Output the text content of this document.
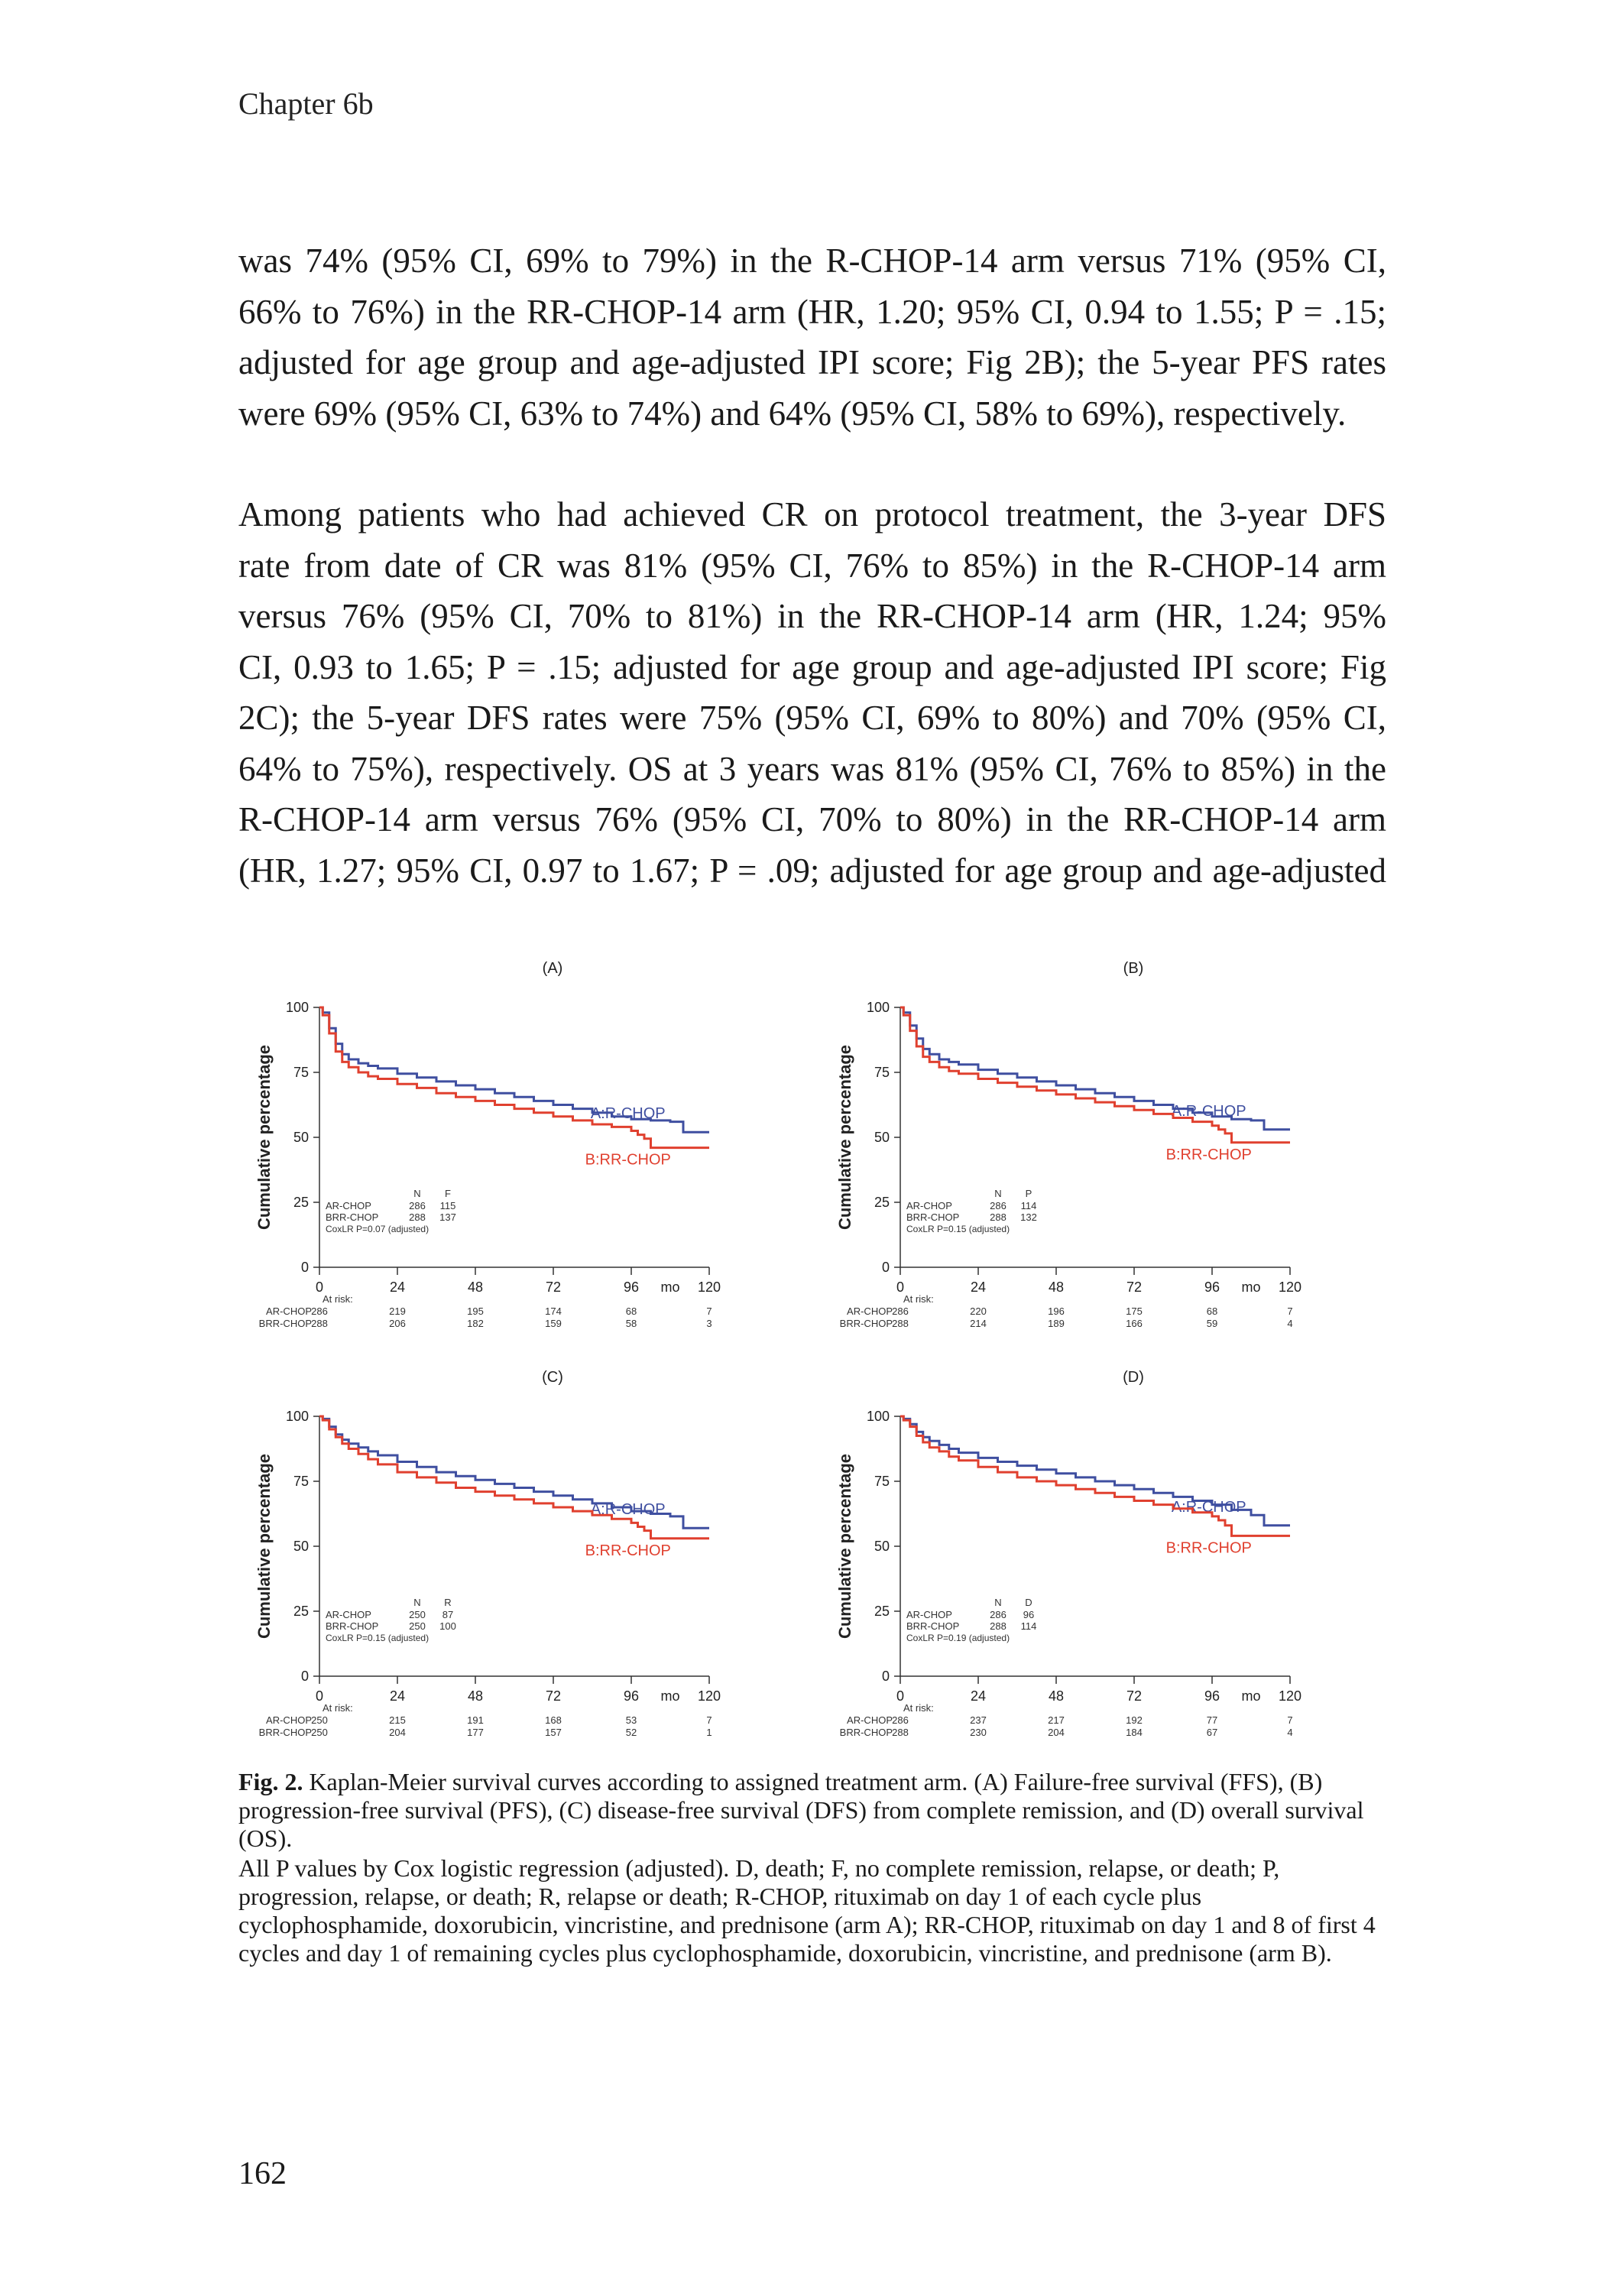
Chapter 6b
was 74% (95% CI, 69% to 79%) in the R-CHOP-14 arm versus 71% (95% CI,
66% to 76%) in the RR-CHOP-14 arm (HR, 1.20; 95% CI, 0.94 to 1.55; P = .15;
adjusted for age group and age-adjusted IPI score; Fig 2B); the 5-year PFS rates
were 69% (95% CI, 63% to 74%) and 64% (95% CI, 58% to 69%), respectively.
Among patients who had achieved CR on protocol treatment, the 3-year DFS
rate from date of CR was 81% (95% CI, 76% to 85%) in the R-CHOP-14 arm
versus 76% (95% CI, 70% to 81%) in the RR-CHOP-14 arm (HR, 1.24; 95%
CI, 0.93 to 1.65; P = .15; adjusted for age group and age-adjusted IPI score; Fig
2C); the 5-year DFS rates were 75% (95% CI, 69% to 80%) and 70% (95% CI,
64% to 75%), respectively. OS at 3 years was 81% (95% CI, 76% to 85%) in the
R-CHOP-14 arm versus 76% (95% CI, 70% to 80%) in the RR-CHOP-14 arm
(HR, 1.27; 95% CI, 0.97 to 1.67; P = .09; adjusted for age group and age-adjusted
(A)
Cumulative percentage
0
25
50
75
100
0	24	48	72	96	120
mo
A:R-CHOP
B:RR-CHOP
N F
AR-CHOP	286 115
BRR-CHOP	288 137
CoxLR P=0.07 (adjusted)
At risk:
AR-CHOP 286	219	195	174	68	7
BRR-CHOP 288	206	182	159	58	3
(B)
Cumulative percentage
0
25
50
75
100
0	24	48	72	96	120
mo
A:R-CHOP
B:RR-CHOP
N P
AR-CHOP	286 114
BRR-CHOP	288 132
CoxLR P=0.15 (adjusted)
At risk:
AR-CHOP 286	220	196	175	68	7
BRR-CHOP 288	214	189	166	59	4
(C)
Cumulative percentage
0
25
50
75
100
0	24	48	72	96	120
mo
A:R-CHOP
B:RR-CHOP
N R
AR-CHOP	250 87
BRR-CHOP	250 100
CoxLR P=0.15 (adjusted)
At risk:
AR-CHOP 250	215	191	168	53	7
BRR-CHOP 250	204	177	157	52	1
(D)
Cumulative percentage
0
25
50
75
100
0	24	48	72	96	120
mo
A:R-CHOP
B:RR-CHOP
N D
AR-CHOP	286 96
BRR-CHOP	288 114
CoxLR P=0.19 (adjusted)
At risk:
AR-CHOP 286	237	217	192	77	7
BRR-CHOP 288	230	204	184	67	4
Fig. 2. Kaplan-Meier survival curves according to assigned treatment arm. (A) Failure-free survival (FFS), (B) progression-free survival (PFS), (C) disease-free survival (DFS) from complete remission, and (D) overall survival (OS).
All P values by Cox logistic regression (adjusted). D, death; F, no complete remission, relapse, or death; P, progression, relapse, or death; R, relapse or death; R-CHOP, rituximab on day 1 of each cycle plus cyclophosphamide, doxorubicin, vincristine, and prednisone (arm A); RR-CHOP, rituximab on day 1 and 8 of first 4 cycles and day 1 of remaining cycles plus cyclophosphamide, doxorubicin, vincristine, and prednisone (arm B).
162
